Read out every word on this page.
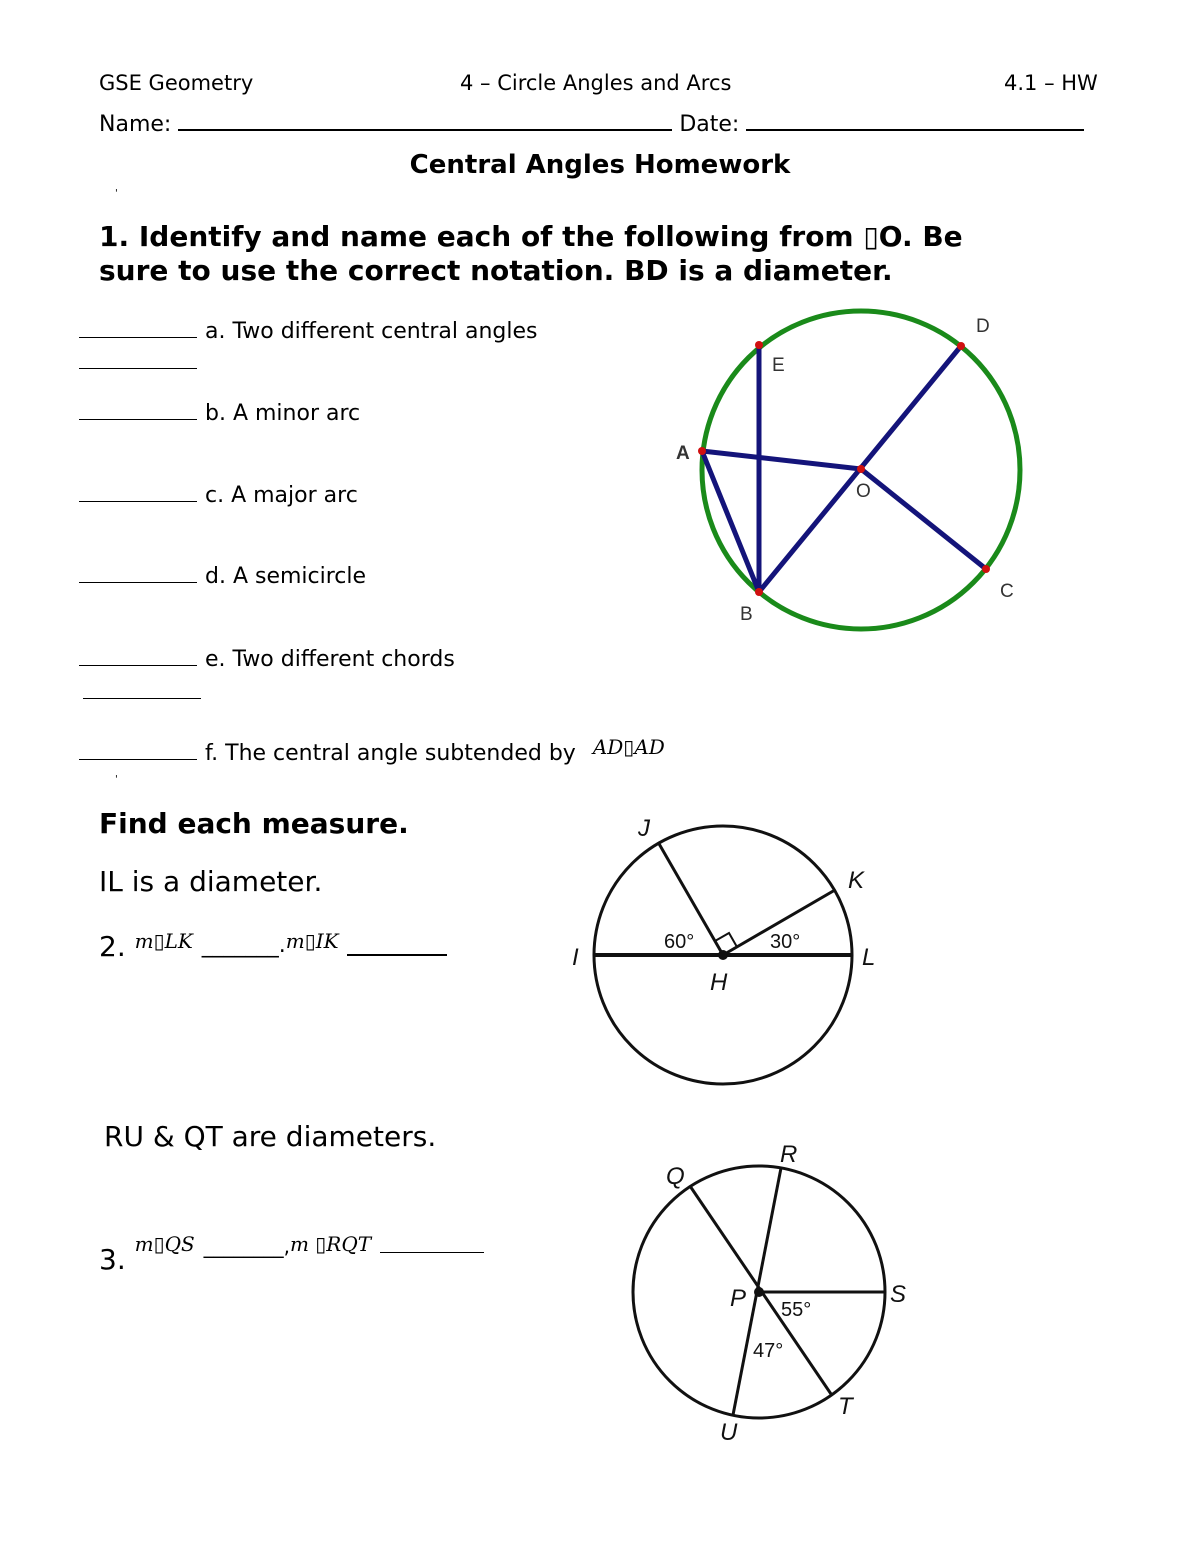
GSE Geometry	4 – Circle Angles and Arcs	4.1 – HW
Name:	Date:
Central Angles Homework
'
1. Identify and name each of the following from ▯O. Be
sure to use the correct notation. BD is a diameter.
a. Two different central angles
b. A minor arc
c. A major arc
d. A semicircle
e. Two different chords
f. The central angle subtended by AD▯AD
'
D
E
A
O
C
B
Find each measure.
IL is a diameter.
2. $^{m▯LK}$ _______.$^{m▯IK}$
J
K
I	L
H
60°	30°
RU & QT are diameters.
3. $^{m▯QS}$ $^{\_\_\_\_\_\_\_\_,m ▯RQT}$
Q
R
S
T
U
P 55°
47°
